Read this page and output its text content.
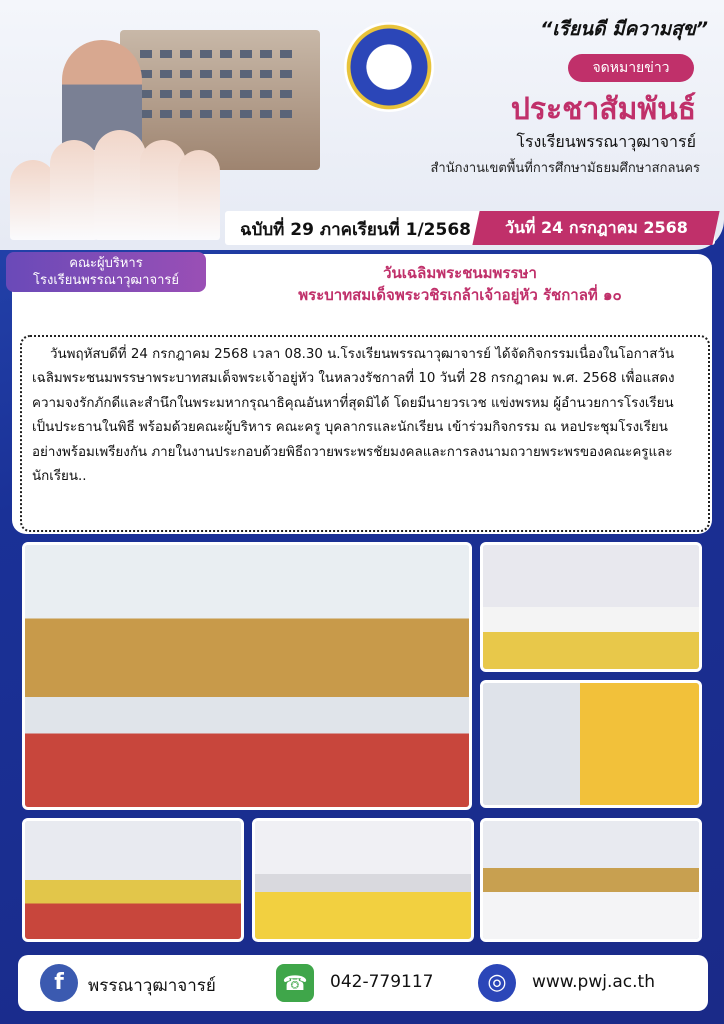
“เรียนดี มีความสุข”
จดหมายข่าว
ประชาสัมพันธ์
โรงเรียนพรรณาวุฒาจารย์
สำนักงานเขตพื้นที่การศึกษามัธยมศึกษาสกลนคร
ฉบับที่ 29 ภาคเรียนที่ 1/2568	วันที่ 24 กรกฎาคม 2568
คณะผู้บริหาร
โรงเรียนพรรณาวุฒาจารย์	วันเฉลิมพระชนมพรรษา
พระบาทสมเด็จพระวชิรเกล้าเจ้าอยู่หัว รัชกาลที่ ๑๐

วันพฤหัสบดีที่ 24 กรกฎาคม 2568 เวลา 08.30 น.โรงเรียนพรรณาวุฒาจารย์ ได้จัดกิจกรรมเนื่องในโอกาสวันเฉลิมพระชนมพรรษาพระบาทสมเด็จพระเจ้าอยู่หัว ในหลวงรัชกาลที่ 10 วันที่ 28 กรกฎาคม พ.ศ. 2568 เพื่อแสดงความจงรักภักดีและสำนึกในพระมหากรุณาธิคุณอันหาที่สุดมิได้ โดยมีนายวรเวช แข่งพรหม ผู้อำนวยการโรงเรียน เป็นประธานในพิธี พร้อมด้วยคณะผู้บริหาร คณะครู บุคลากรและนักเรียน เข้าร่วมกิจกรรม ณ หอประชุมโรงเรียน อย่างพร้อมเพรียงกัน ภายในงานประกอบด้วยพิธีถวายพระพรชัยมงคลและการลงนามถวายพระพรของคณะครูและนักเรียน..

f	พรรณาวุฒาจารย์	☎	042-779117	◎	www.pwj.ac.th
